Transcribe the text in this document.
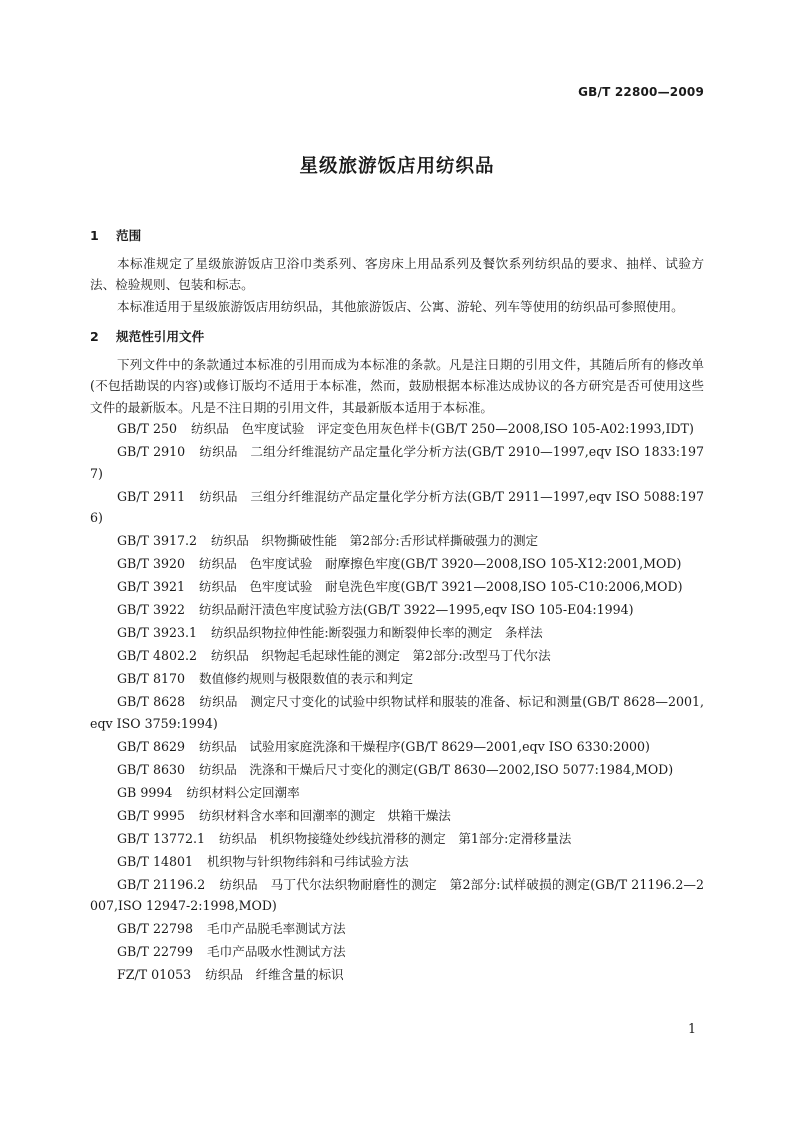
GB/T 22800—2009
星级旅游饭店用纺织品
1 范围

本标准规定了星级旅游饭店卫浴巾类系列、客房床上用品系列及餐饮系列纺织品的要求、抽样、试验方法、检验规则、包装和标志。

本标准适用于星级旅游饭店用纺织品，其他旅游饭店、公寓、游轮、列车等使用的纺织品可参照使用。

2 规范性引用文件

下列文件中的条款通过本标准的引用而成为本标准的条款。凡是注日期的引用文件，其随后所有的修改单(不包括勘误的内容)或修订版均不适用于本标准，然而，鼓励根据本标准达成协议的各方研究是否可使用这些文件的最新版本。凡是不注日期的引用文件，其最新版本适用于本标准。

GB/T 250 纺织品　色牢度试验　评定变色用灰色样卡(GB/T 250—2008,ISO 105-A02:1993,IDT)
GB/T 2910 纺织品　二组分纤维混纺产品定量化学分析方法(GB/T 2910—1997,eqv ISO 1833:1977)
GB/T 2911 纺织品　三组分纤维混纺产品定量化学分析方法(GB/T 2911—1997,eqv ISO 5088:1976)
GB/T 3917.2 纺织品　织物撕破性能　第2部分:舌形试样撕破强力的测定
GB/T 3920 纺织品　色牢度试验　耐摩擦色牢度(GB/T 3920—2008,ISO 105-X12:2001,MOD)
GB/T 3921 纺织品　色牢度试验　耐皂洗色牢度(GB/T 3921—2008,ISO 105-C10:2006,MOD)
GB/T 3922 纺织品耐汗渍色牢度试验方法(GB/T 3922—1995,eqv ISO 105-E04:1994)
GB/T 3923.1 纺织品织物拉伸性能:断裂强力和断裂伸长率的测定　条样法
GB/T 4802.2 纺织品　织物起毛起球性能的测定　第2部分:改型马丁代尔法
GB/T 8170 数值修约规则与极限数值的表示和判定
GB/T 8628 纺织品　测定尺寸变化的试验中织物试样和服装的准备、标记和测量(GB/T 8628—2001,eqv ISO 3759:1994)
GB/T 8629 纺织品　试验用家庭洗涤和干燥程序(GB/T 8629—2001,eqv ISO 6330:2000)
GB/T 8630 纺织品　洗涤和干燥后尺寸变化的测定(GB/T 8630—2002,ISO 5077:1984,MOD)
GB 9994 纺织材料公定回潮率
GB/T 9995 纺织材料含水率和回潮率的测定　烘箱干燥法
GB/T 13772.1 纺织品　机织物接缝处纱线抗滑移的测定　第1部分:定滑移量法
GB/T 14801 机织物与针织物纬斜和弓纬试验方法
GB/T 21196.2 纺织品　马丁代尔法织物耐磨性的测定　第2部分:试样破损的测定(GB/T 21196.2—2007,ISO 12947-2:1998,MOD)
GB/T 22798 毛巾产品脱毛率测试方法
GB/T 22799 毛巾产品吸水性测试方法
FZ/T 01053 纺织品　纤维含量的标识
1
